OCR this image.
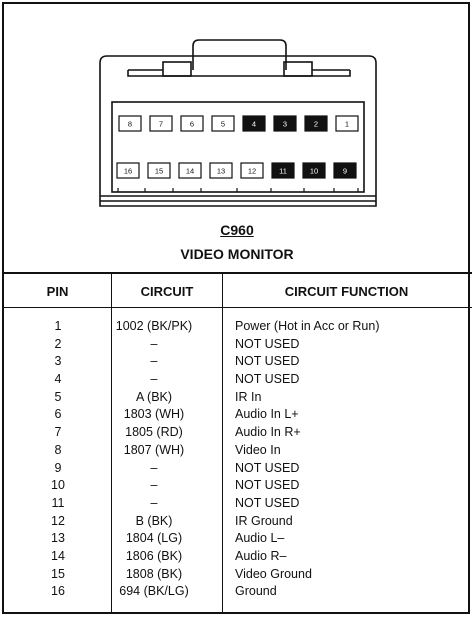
8	7	6	5	4	3	2	1
16	15	14	13	12	11	10	9
C960
VIDEO MONITOR
PIN	CIRCUIT	CIRCUIT FUNCTION
1	1002 (BK/PK)	Power (Hot in Acc or Run)
2	–	NOT USED
3	–	NOT USED
4	–	NOT USED
5	A (BK)	IR In
6	1803 (WH)	Audio In L+
7	1805 (RD)	Audio In R+
8	1807 (WH)	Video In
9	–	NOT USED
10	–	NOT USED
11	–	NOT USED
12	B (BK)	IR Ground
13	1804 (LG)	Audio L–
14	1806 (BK)	Audio R–
15	1808 (BK)	Video Ground
16	694 (BK/LG)	Ground
